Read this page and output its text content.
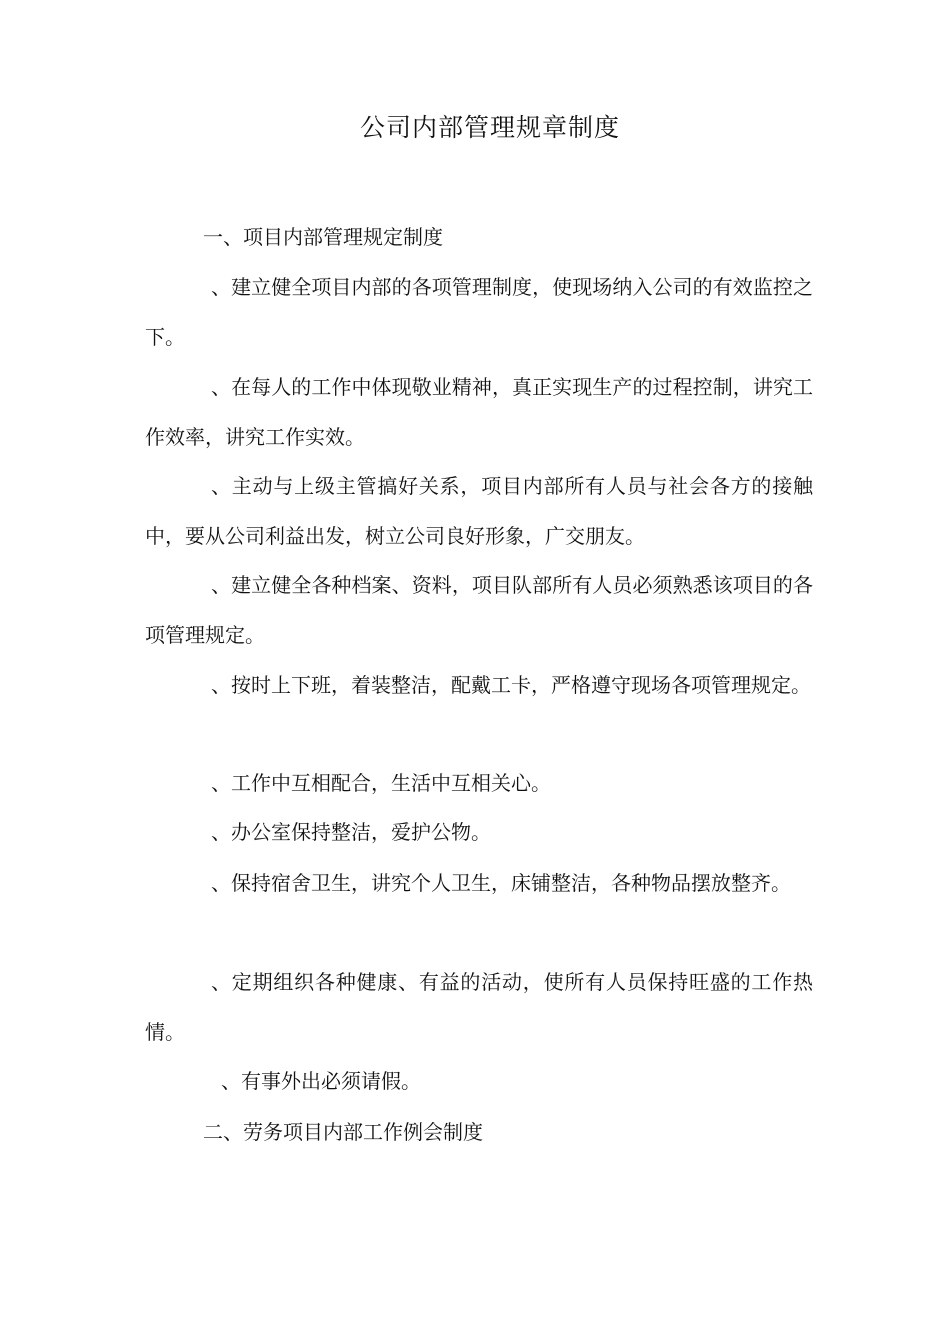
公司内部管理规章制度
一、项目内部管理规定制度

、建立健全项目内部的各项管理制度，使现场纳入公司的有效监控之下。

、在每人的工作中体现敬业精神，真正实现生产的过程控制，讲究工作效率，讲究工作实效。

、主动与上级主管搞好关系，项目内部所有人员与社会各方的接触中，要从公司利益出发，树立公司良好形象，广交朋友。

、建立健全各种档案、资料，项目队部所有人员必须熟悉该项目的各项管理规定。

、按时上下班，着装整洁，配戴工卡，严格遵守现场各项管理规定。

、工作中互相配合，生活中互相关心。

、办公室保持整洁，爱护公物。

、保持宿舍卫生，讲究个人卫生，床铺整洁，各种物品摆放整齐。

、定期组织各种健康、有益的活动，使所有人员保持旺盛的工作热情。

、有事外出必须请假。

二、劳务项目内部工作例会制度
